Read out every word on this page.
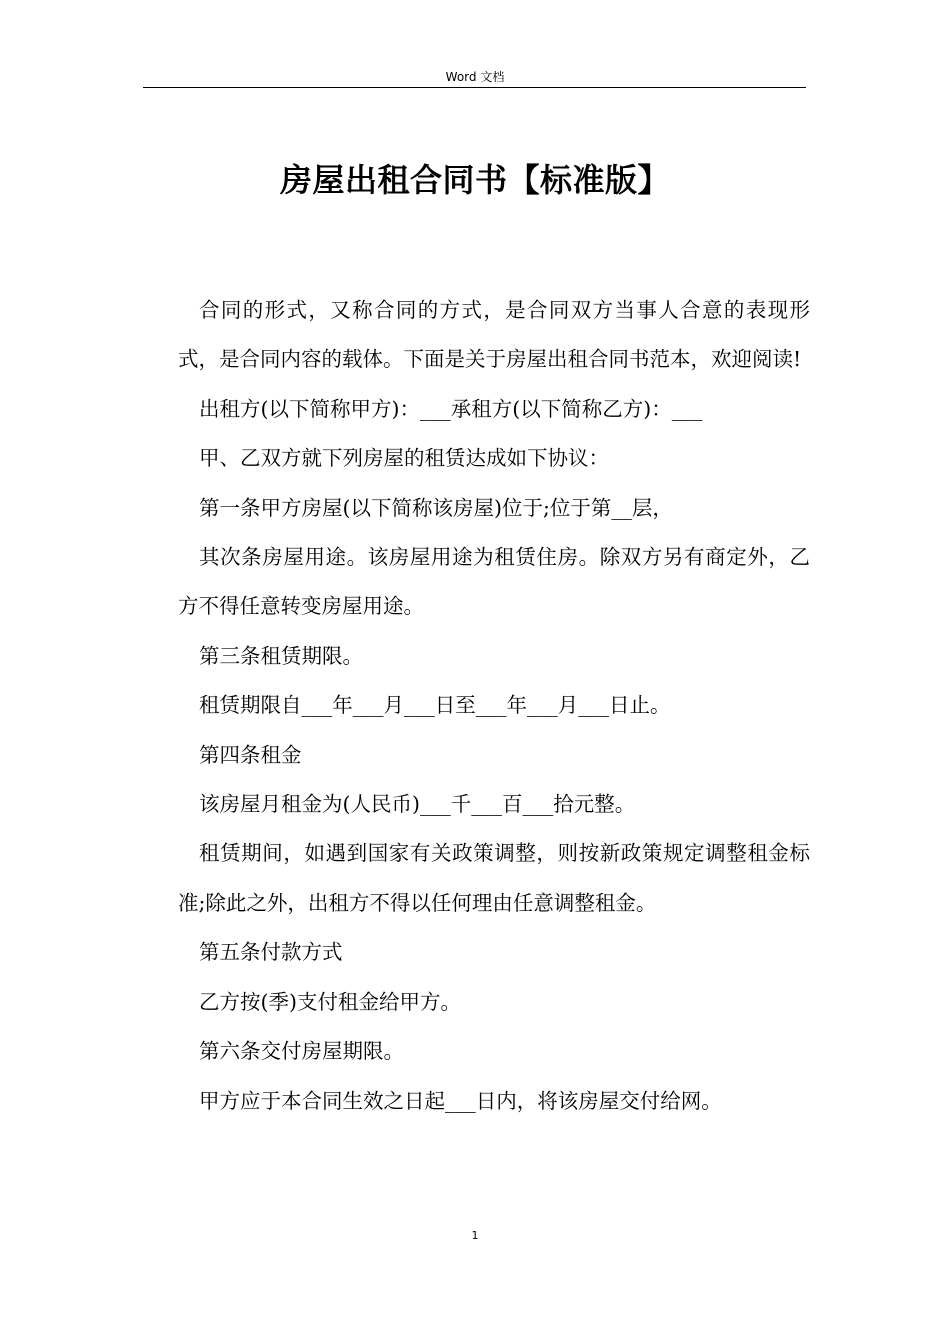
Word 文档
房屋出租合同书【标准版】

合同的形式，又称合同的方式，是合同双方当事人合意的表现形式，是合同内容的载体。下面是关于房屋出租合同书范本，欢迎阅读!

出租方(以下简称甲方)：___承租方(以下简称乙方)：___

甲、乙双方就下列房屋的租赁达成如下协议：

第一条甲方房屋(以下简称该房屋)位于;位于第__层，

其次条房屋用途。该房屋用途为租赁住房。除双方另有商定外，乙方不得任意转变房屋用途。

第三条租赁期限。

租赁期限自___年___月___日至___年___月___日止。

第四条租金

该房屋月租金为(人民币)___千___百___拾元整。

租赁期间，如遇到国家有关政策调整，则按新政策规定调整租金标准;除此之外，出租方不得以任何理由任意调整租金。

第五条付款方式

乙方按(季)支付租金给甲方。

第六条交付房屋期限。

甲方应于本合同生效之日起___日内，将该房屋交付给网。

1
